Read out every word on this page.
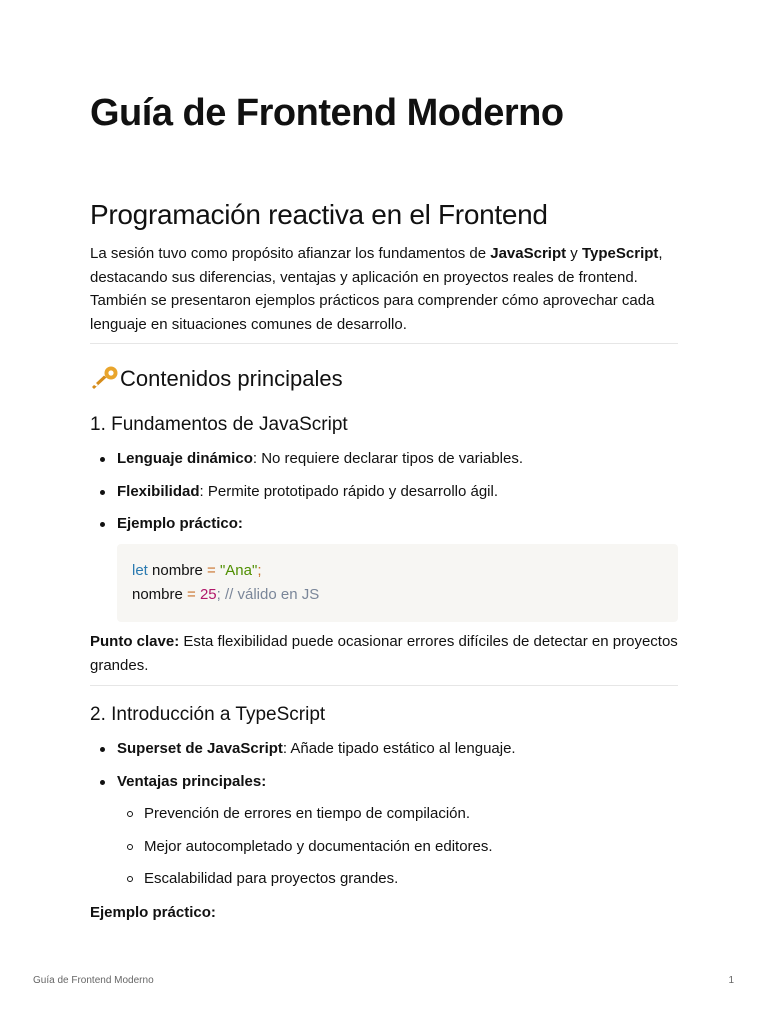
Guía de Frontend Moderno
Programación reactiva en el Frontend

La sesión tuvo como propósito afianzar los fundamentos de JavaScript y TypeScript, destacando sus diferencias, ventajas y aplicación en proyectos reales de frontend. También se presentaron ejemplos prácticos para comprender cómo aprovechar cada lenguaje en situaciones comunes de desarrollo.

Contenidos principales
1. Fundamentos de JavaScript
Lenguaje dinámico: No requiere declarar tipos de variables.
Flexibilidad: Permite prototipado rápido y desarrollo ágil.
Ejemplo práctico:
let nombre = "Ana";
nombre = 25; // válido en JS

Punto clave: Esta flexibilidad puede ocasionar errores difíciles de detectar en proyectos grandes.

2. Introducción a TypeScript
Superset de JavaScript: Añade tipado estático al lenguaje.
Ventajas principales:
Prevención de errores en tiempo de compilación.
Mejor autocompletado y documentación en editores.
Escalabilidad para proyectos grandes.

Ejemplo práctico:

Guía de Frontend Moderno	1
